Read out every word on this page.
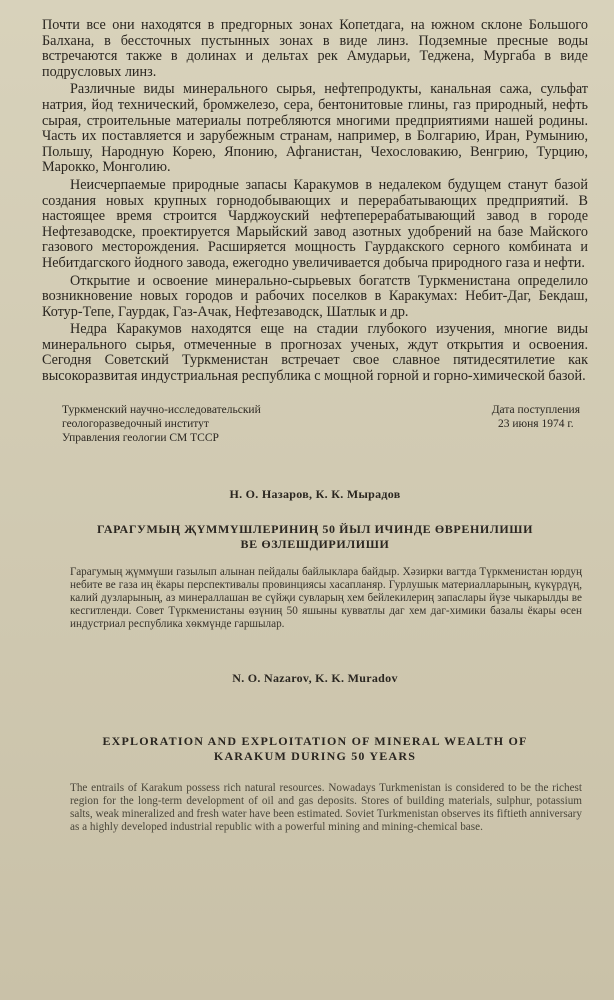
Почти все они находятся в предгорных зонах Копетдага, на южном склоне Большого Балхана, в бессточных пустынных зонах в виде линз. Подземные пресные воды встречаются также в долинах и дельтах рек Амударьи, Теджена, Мургаба в виде подрусловых линз.

Различные виды минерального сырья, нефтепродукты, канальная сажа, сульфат натрия, йод технический, бромжелезо, сера, бентонитовые глины, газ природный, нефть сырая, строительные материалы потребляются многими предприятиями нашей родины. Часть их поставляется и зарубежным странам, например, в Болгарию, Иран, Румынию, Польшу, Народную Корею, Японию, Афганистан, Чехословакию, Венгрию, Турцию, Марокко, Монголию.

Неисчерпаемые природные запасы Каракумов в недалеком будущем станут базой создания новых крупных горнодобывающих и перерабатывающих предприятий. В настоящее время строится Чарджоуский нефтеперерабатывающий завод в городе Нефтезаводске, проектируется Марыйский завод азотных удобрений на базе Майского газового месторождения. Расширяется мощность Гаурдакского серного комбината и Небитдагского йодного завода, ежегодно увеличивается добыча природного газа и нефти.

Открытие и освоение минерально-сырьевых богатств Туркменистана определило возникновение новых городов и рабочих поселков в Каракумах: Небит-Даг, Бекдаш, Котур-Тепе, Гаурдак, Газ-Ачак, Нефтезаводск, Шатлык и др.

Недра Каракумов находятся еще на стадии глубокого изучения, многие виды минерального сырья, отмеченные в прогнозах ученых, ждут открытия и освоения. Сегодня Советский Туркменистан встречает свое славное пятидесятилетие как высокоразвитая индустриальная республика с мощной горной и горно-химической базой.

Туркменский научно-исследовательский
геологоразведочный институт
Управления геологии СМ ТССР
Дата поступления
23 июня 1974 г.
Н. О. Назаров, К. К. Мырадов
ГАРАГУМЫҢ ҖҮММҮШЛЕРИНИҢ 50 ЙЫЛ ИЧИНДЕ ӨВРЕНИЛИШИ
ВЕ ӨЗЛЕШДИРИЛИШИ
Гарагумың җүммүши газылып алынан пейдалы байлыклара байдыр. Хәзирки вагтда Түркменистан юрдуң небите ве газа иң ёкары перспективалы провинциясы хасапланяр. Гурлушык материалларының, күкүрдүң, калий дузларының, аз минераллашан ве сүйҗи сувларың хем бейлекилериң запаслары йүзе чыкарылды ве кесгитленди. Совет Түркменистаны өзүниң 50 яшыны кувватлы даг хем даг-химики базалы ёкары өсен индустриал республика хөкмүнде гаршылар.
N. O. Nazarov, K. K. Muradov
EXPLORATION AND EXPLOITATION OF MINERAL WEALTH OF
KARAKUM DURING 50 YEARS
The entrails of Karakum possess rich natural resources. Nowadays Turkmenistan is considered to be the richest region for the long-term development of oil and gas deposits. Stores of building materials, sulphur, potassium salts, weak mineralized and fresh water have been estimated. Soviet Turkmenistan observes its fiftieth anniversary as a highly developed industrial republic with a powerful mining and mining-chemical base.
